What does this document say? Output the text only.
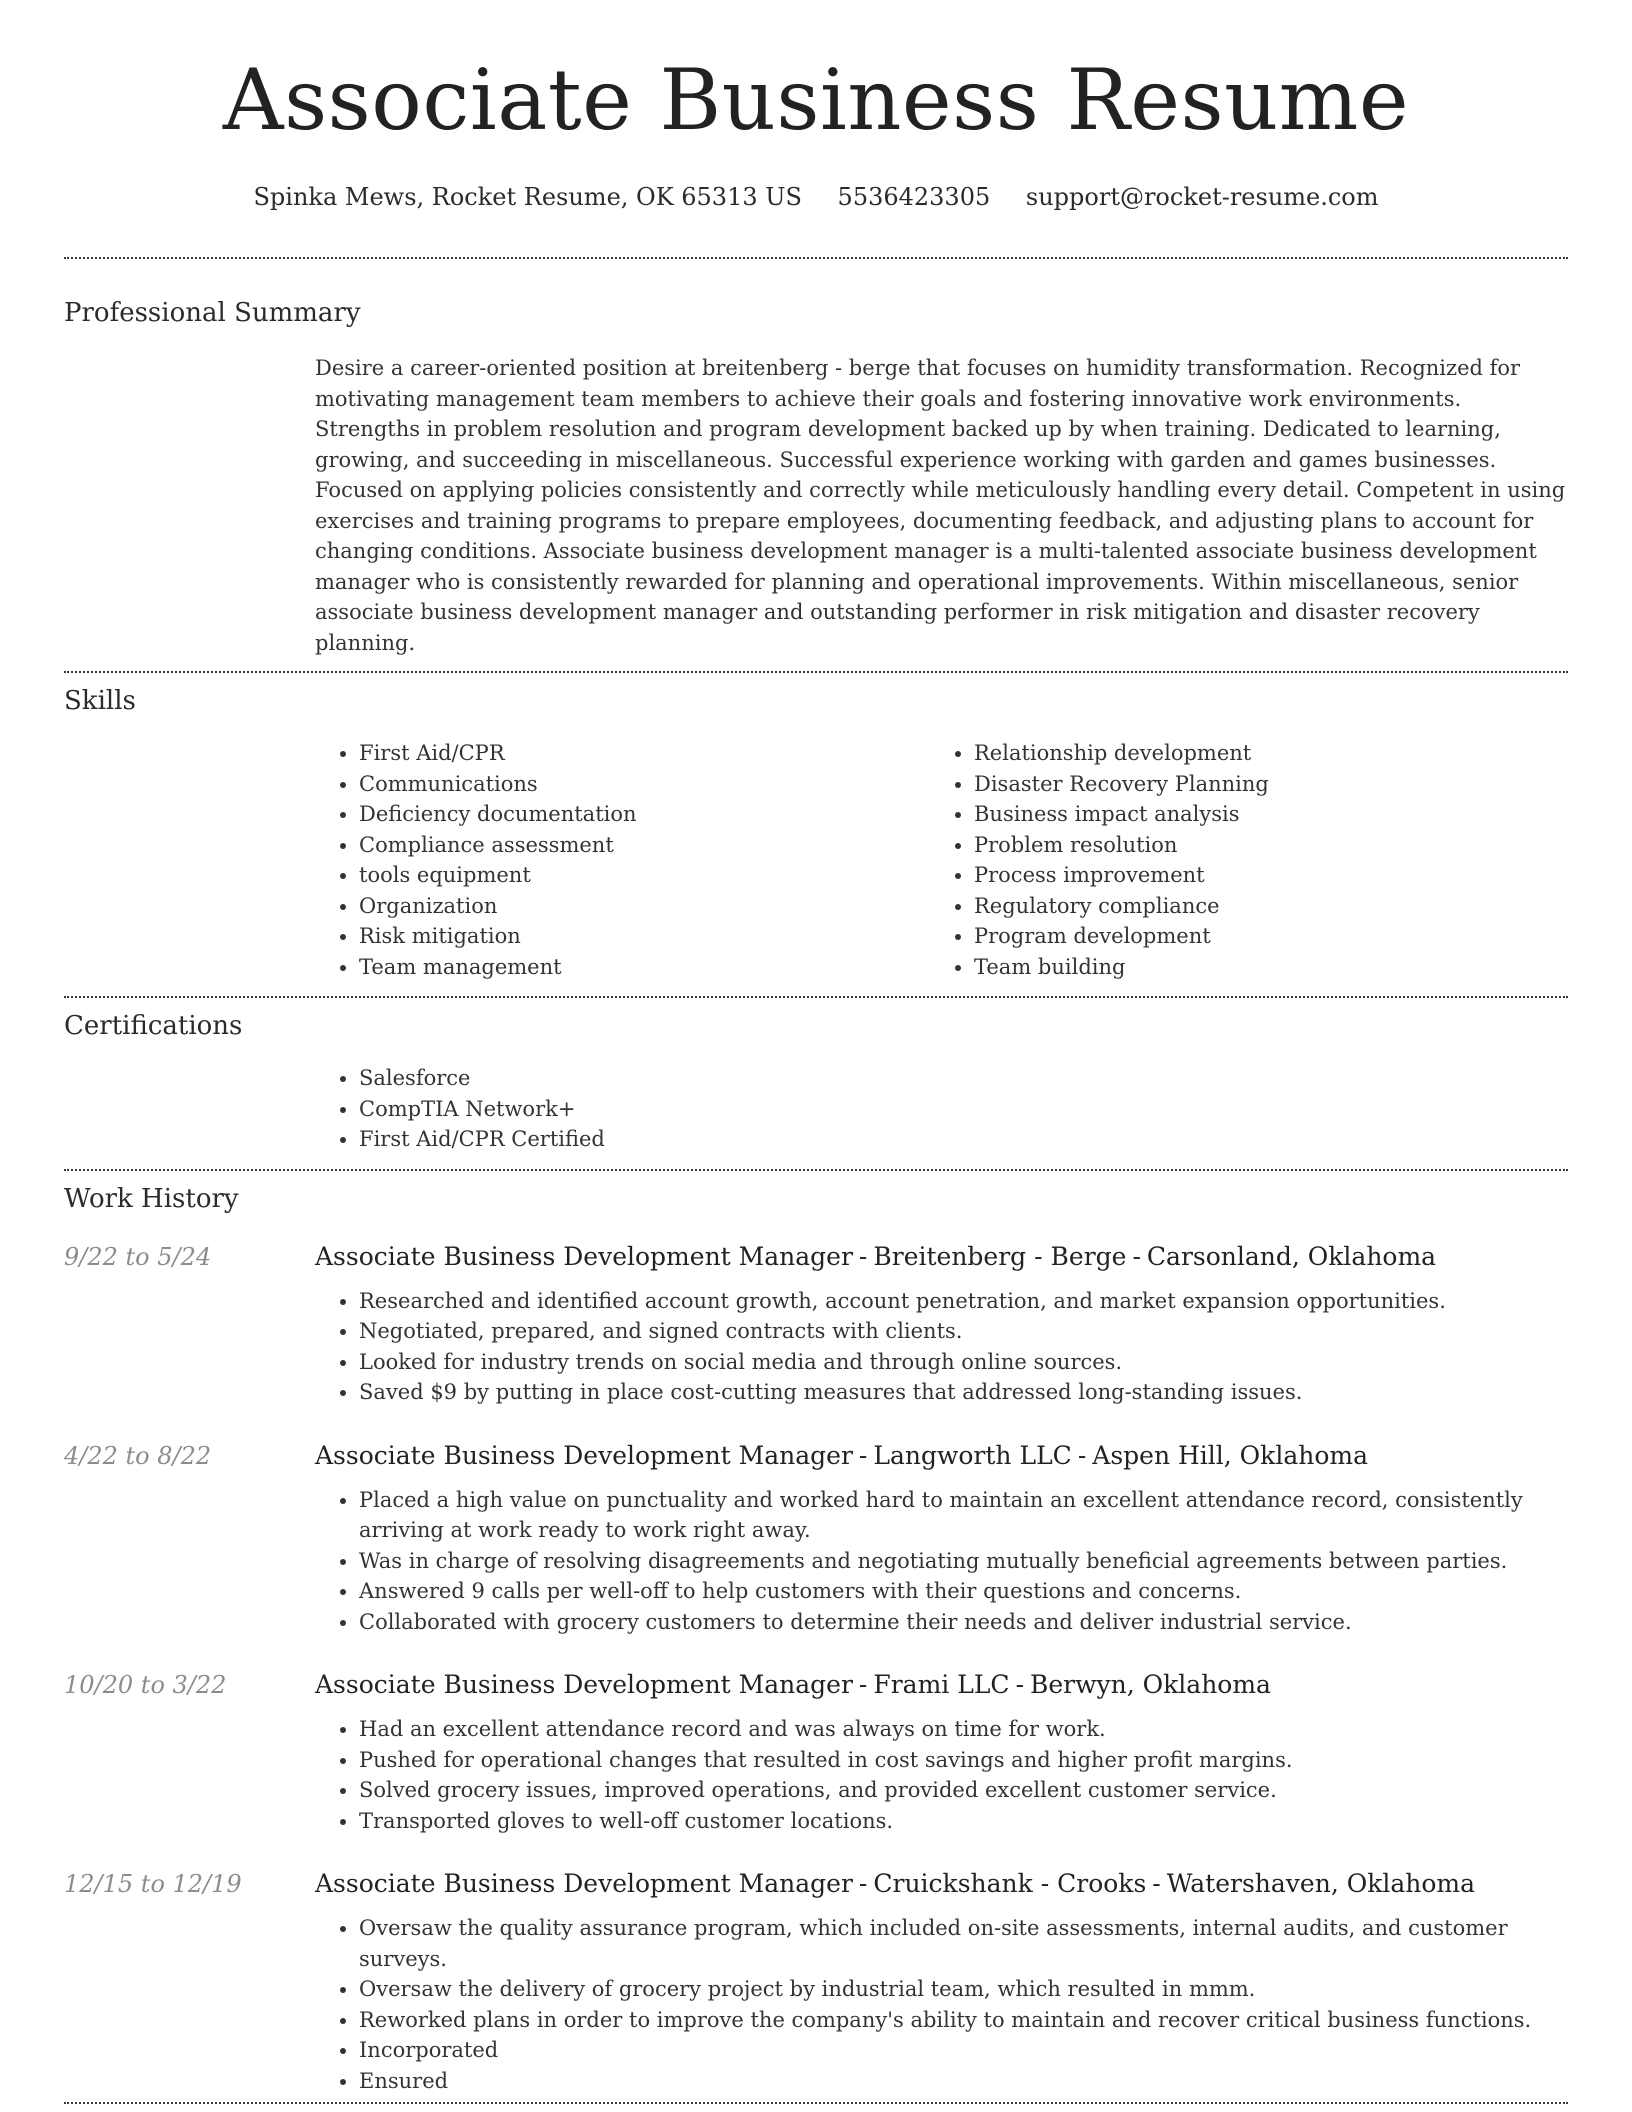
Associate Business Resume
Spinka Mews, Rocket Resume, OK 65313 US 5536423305 support@rocket-resume.com
Professional Summary
Desire a career-oriented position at breitenberg - berge that focuses on humidity transformation. Recognized for motivating management team members to achieve their goals and fostering innovative work environments. Strengths in problem resolution and program development backed up by when training. Dedicated to learning, growing, and succeeding in miscellaneous. Successful experience working with garden and games businesses. Focused on applying policies consistently and correctly while meticulously handling every detail. Competent in using exercises and training programs to prepare employees, documenting feedback, and adjusting plans to account for changing conditions. Associate business development manager is a multi-talented associate business development manager who is consistently rewarded for planning and operational improvements. Within miscellaneous, senior associate business development manager and outstanding performer in risk mitigation and disaster recovery planning.
Skills
• First Aid/CPR
• Communications
• Deficiency documentation
• Compliance assessment
• tools equipment
• Organization
• Risk mitigation
• Team management
• Relationship development
• Disaster Recovery Planning
• Business impact analysis
• Problem resolution
• Process improvement
• Regulatory compliance
• Program development
• Team building
Certifications
• Salesforce
• CompTIA Network+
• First Aid/CPR Certified
Work History
9/22 to 5/24	Associate Business Development Manager - Breitenberg - Berge - Carsonland, Oklahoma
• Researched and identified account growth, account penetration, and market expansion opportunities.
• Negotiated, prepared, and signed contracts with clients.
• Looked for industry trends on social media and through online sources.
• Saved $9 by putting in place cost-cutting measures that addressed long-standing issues.
4/22 to 8/22	Associate Business Development Manager - Langworth LLC - Aspen Hill, Oklahoma
• Placed a high value on punctuality and worked hard to maintain an excellent attendance record, consistently arriving at work ready to work right away.
• Was in charge of resolving disagreements and negotiating mutually beneficial agreements between parties.
• Answered 9 calls per well-off to help customers with their questions and concerns.
• Collaborated with grocery customers to determine their needs and deliver industrial service.
10/20 to 3/22	Associate Business Development Manager - Frami LLC - Berwyn, Oklahoma
• Had an excellent attendance record and was always on time for work.
• Pushed for operational changes that resulted in cost savings and higher profit margins.
• Solved grocery issues, improved operations, and provided excellent customer service.
• Transported gloves to well-off customer locations.
12/15 to 12/19	Associate Business Development Manager - Cruickshank - Crooks - Watershaven, Oklahoma
• Oversaw the quality assurance program, which included on-site assessments, internal audits, and customer surveys.
• Oversaw the delivery of grocery project by industrial team, which resulted in mmm.
• Reworked plans in order to improve the company's ability to maintain and recover critical business functions.
• Incorporated
• Ensured
